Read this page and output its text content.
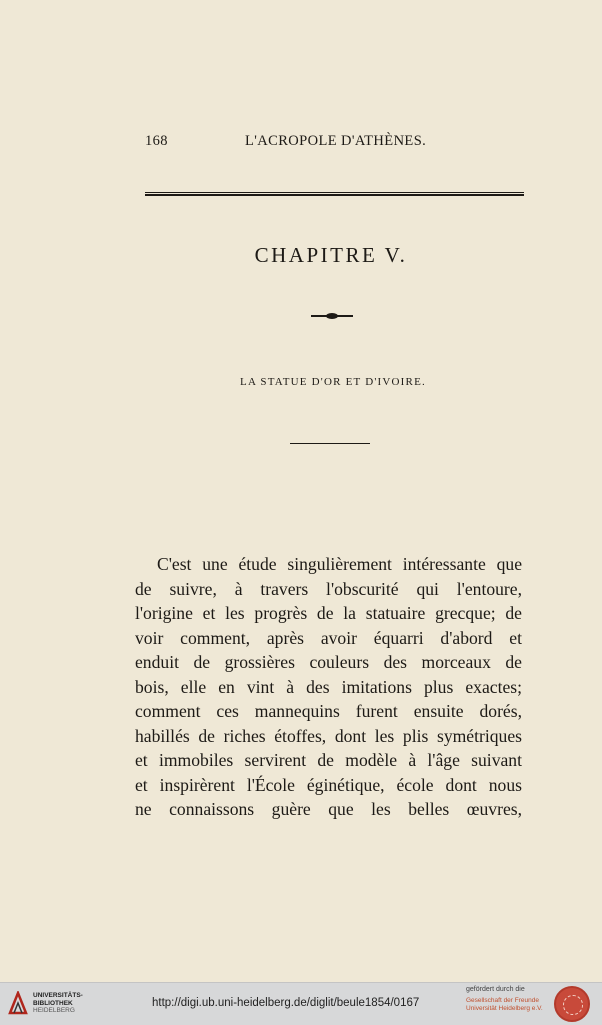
168	L'ACROPOLE D'ATHÈNES.
CHAPITRE V.
LA STATUE D'OR ET D'IVOIRE.
C'est une étude singulièrement intéressante que
de suivre, à travers l'obscurité qui l'entoure,
l'origine et les progrès de la statuaire grecque; de
voir comment, après avoir équarri d'abord et
enduit de grossières couleurs des morceaux de
bois, elle en vint à des imitations plus exactes;
comment ces mannequins furent ensuite dorés,
habillés de riches étoffes, dont les plis symétriques
et immobiles servirent de modèle à l'âge suivant
et inspirèrent l'École éginétique, école dont nous
ne connaissons guère que les belles œuvres,
UNIVERSITÄTS-
BIBLIOTHEK
HEIDELBERG
http://digi.ub.uni-heidelberg.de/diglit/beule1854/0167
gefördert durch die
Gesellschaft der Freunde
Universität Heidelberg e.V.
